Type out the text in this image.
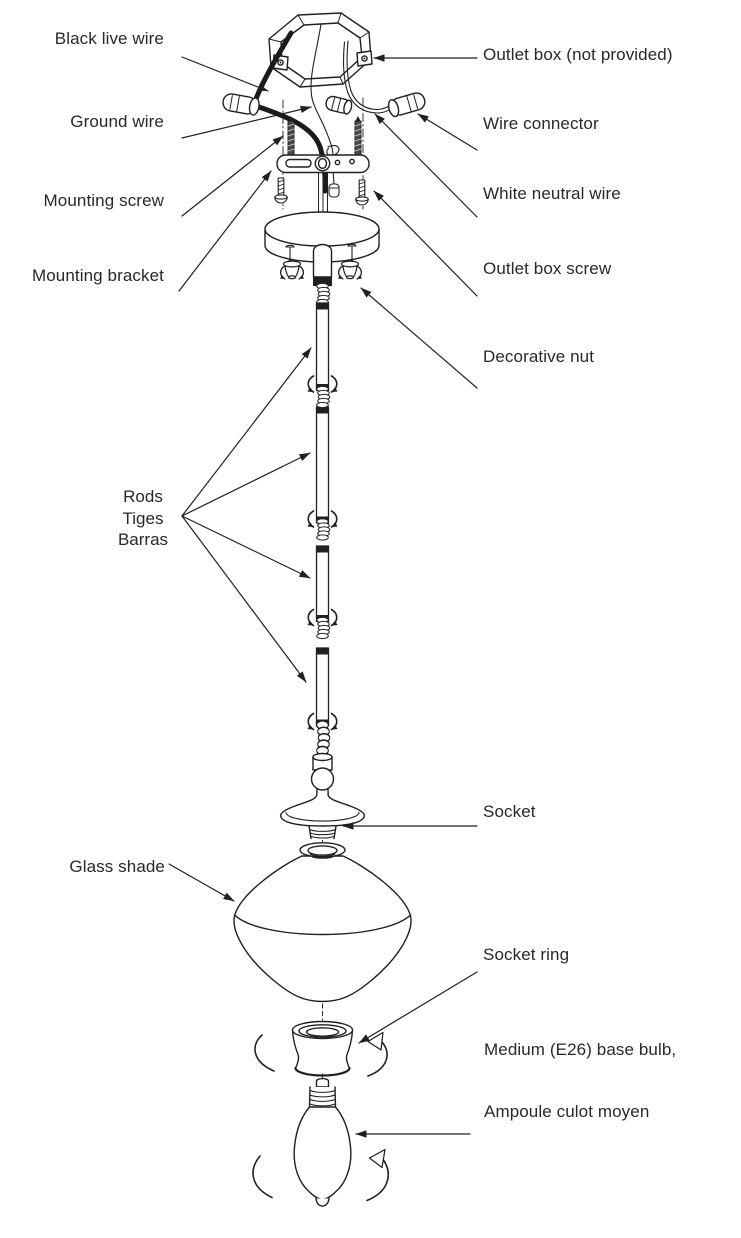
Black live wire
Ground wire
Mounting screw
Mounting bracket
Rods
Tiges
Barras
Glass shade
Outlet box (not provided)
Wire connector
White neutral wire
Outlet box screw
Decorative nut
Socket
Socket ring
Medium (E26) base bulb,
Ampoule culot moyen
